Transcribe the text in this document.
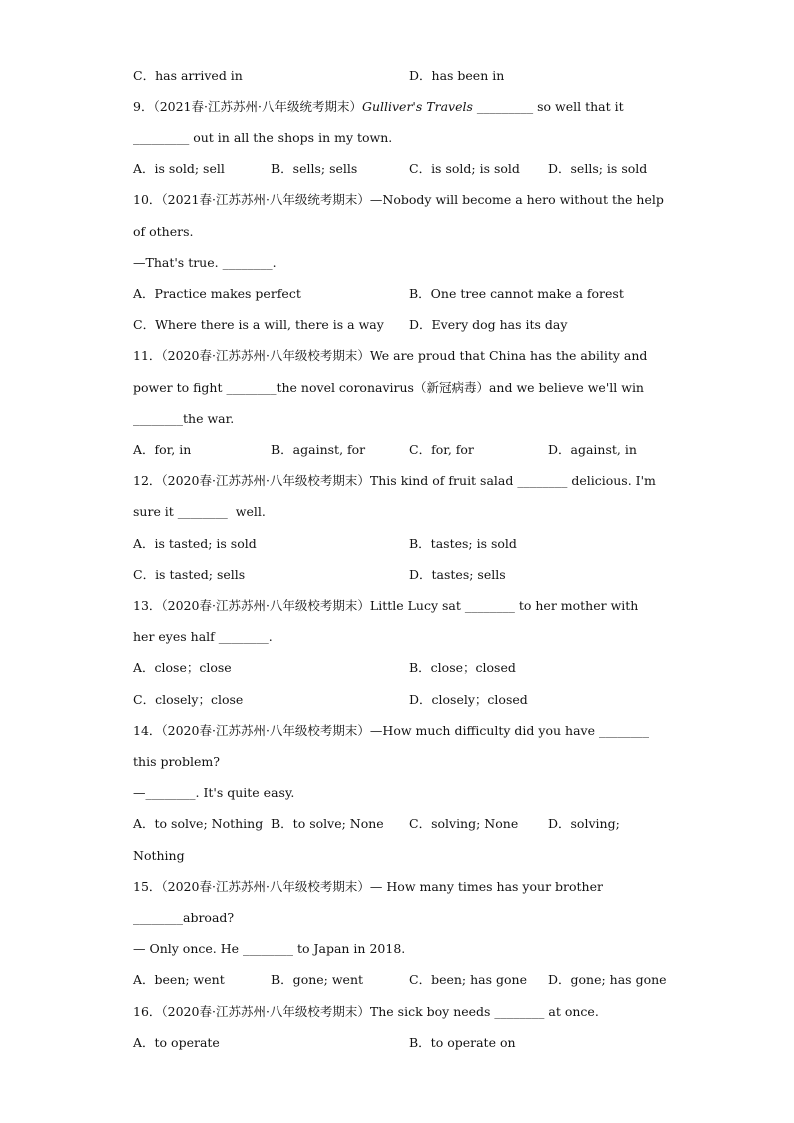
C．has arrived in	D．has been in
9．（2021春·江苏苏州·八年级统考期末）Gulliver's Travels _________ so well that it
_________ out in all the shops in my town.
A．is sold; sell	B．sells; sells	C．is sold; is sold D．sells; is sold
10．（2021春·江苏苏州·八年级统考期末）—Nobody will become a hero without the help
of others.
—That's true. ________.
A．Practice makes perfect	B．One tree cannot make a forest
C．Where there is a will, there is a way D．Every dog has its day
11．（2020春·江苏苏州·八年级校考期末）We are proud that China has the ability and
power to fight ________the novel coronavirus（新冠病毒）and we believe we'll win
________the war.
A．for, in	B．against, for	C．for, for	D．against, in
12．（2020春·江苏苏州·八年级校考期末）This kind of fruit salad ________ delicious. I'm
sure it ________  well.
A．is tasted; is sold	B．tastes; is sold
C．is tasted; sells	D．tastes; sells
13．（2020春·江苏苏州·八年级校考期末）Little Lucy sat ________ to her mother with
her eyes half ________.
A．close；close	B．close；closed
C．closely；close	D．closely；closed
14．（2020春·江苏苏州·八年级校考期末）—How much difficulty did you have ________
this problem?
—________. It's quite easy.
A．to solve; Nothing B．to solve; None C．solving; None D．solving;
Nothing
15．（2020春·江苏苏州·八年级校考期末）— How many times has your brother
________abroad?
— Only once. He ________ to Japan in 2018.
A．been; went	B．gone; went	C．been; has gone D．gone; has gone
16．（2020春·江苏苏州·八年级校考期末）The sick boy needs ________ at once.
A．to operate	B．to operate on
